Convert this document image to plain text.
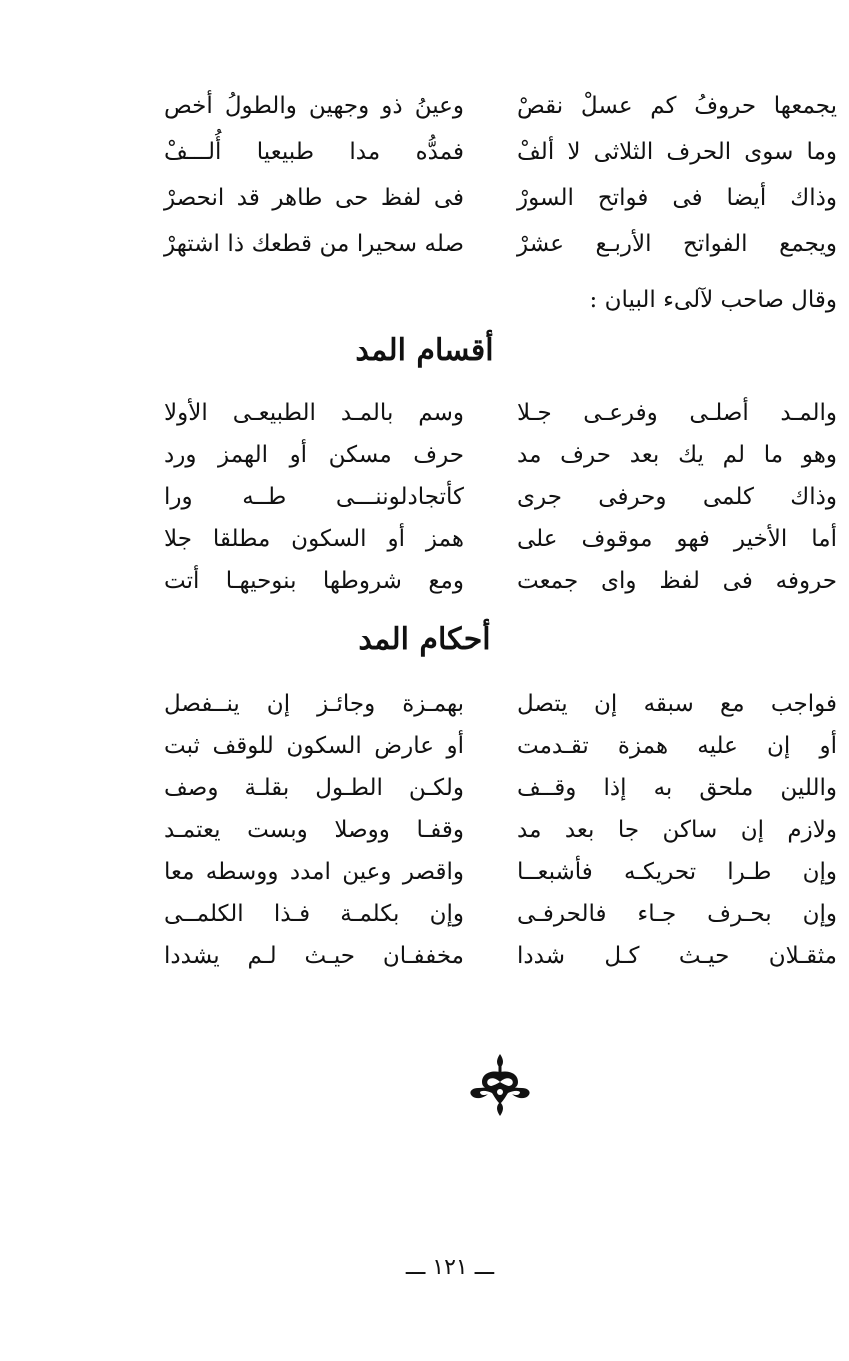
يجمعها حروفُ كم عسلْ نقصْ
وعينُ ذو وجهين والطولُ أخص
وما سوى الحرف الثلاثى لا ألفْ
فمدُّه مدا طبيعيا أُلـــفْ
وذاك أيضا فى فواتح السورْ
فى لفظ حى طاهر قد انحصرْ
ويجمع الفواتح الأربـع عشرْ
صله سحيرا من قطعك ذا اشتهرْ
وقال صاحب لآلىء البيان :
أقسام المد
والمـد أصلـى وفرعـى جـلا
وسم بالمـد الطبيعـى الأولا
وهو ما لم يك بعد حرف مد
حرف مسكن أو الهمز ورد
وذاك كلمى وحرفى جرى
كأتجادلوننـــى طــه ورا
أما الأخير فهو موقوف على
همز أو السكون مطلقا جلا
حروفه فى لفظ واى جمعت
ومع شروطها بنوحيهـا أتت
أحكام المد
فواجب مع سبقه إن يتصل
بهمـزة وجائـز إن ينــفصل
أو إن عليه همزة تقـدمت
أو عارض السكون للوقف ثبت
واللين ملحق به إذا وقــف
ولكـن الطـول بقلـة وصف
ولازم إن ساكن جا بعد مد
وقفـا ووصلا وبست يعتمـد
وإن طـرا تحريكـه فأشبعــا
واقصر وعين امدد ووسطه معا
وإن بحـرف جـاء فالحرفـى
وإن بكلمـة فـذا الكلمــى
مثقـلان حيـث كـل شددا
مخففـان حيـث لـم يشددا
ـــ ١٢١ ـــ
